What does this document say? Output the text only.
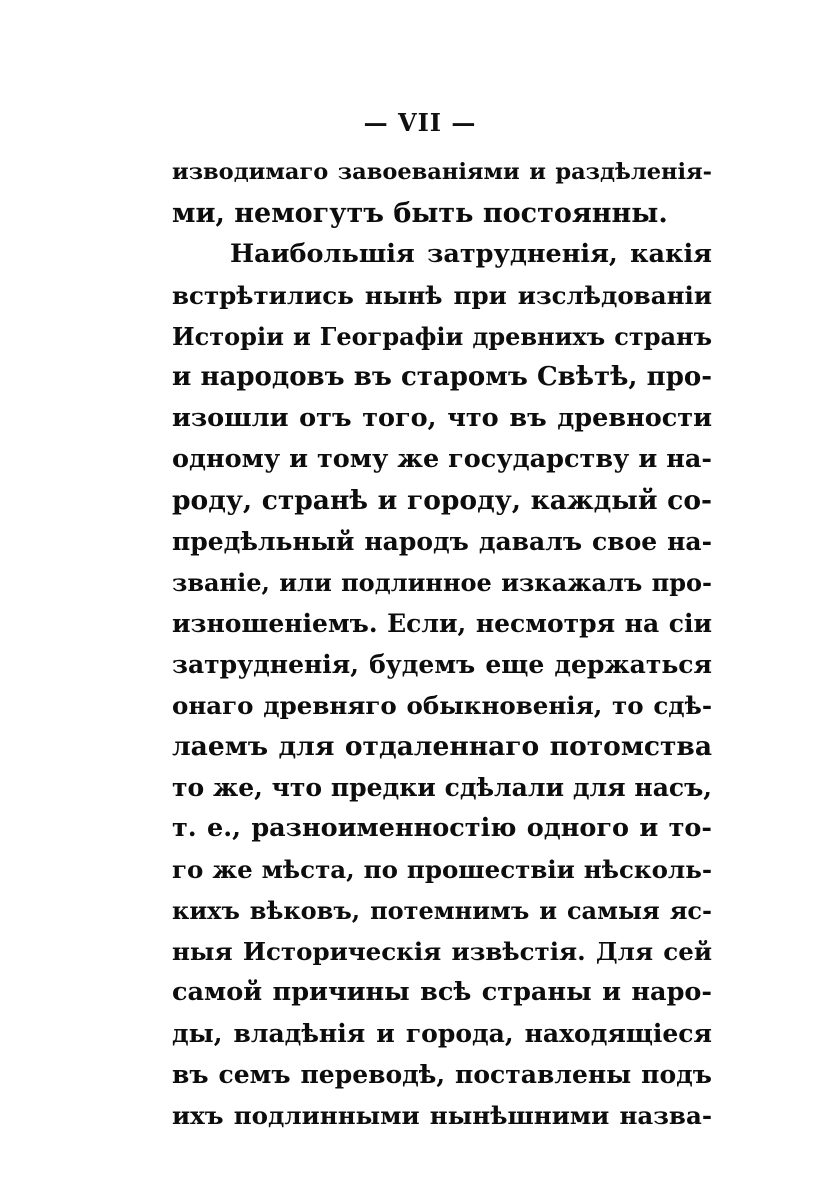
— VII —
изводимаго завоеваніями и раздѣленія-
ми, немогутъ быть постоянны.
Наибольшія затрудненія, какія
встрѣтились нынѣ при изслѣдованіи
Исторіи и Географіи древнихъ странъ
и народовъ въ старомъ Свѣтѣ, про-
изошли отъ того, что въ древности
одному и тому же государству и на-
роду, странѣ и городу, каждый со-
предѣльный народъ давалъ свое на-
званіе, или подлинное изкажалъ про-
изношеніемъ. Если, несмотря на сіи
затрудненія, будемъ еще держаться
онаго древняго обыкновенія, то сдѣ-
лаемъ для отдаленнаго потомства
то же, что предки сдѣлали для насъ,
т. е., разноименностію одного и то-
го же мѣста, по прошествіи нѣсколь-
кихъ вѣковъ, потемнимъ и самыя яс-
ныя Историческія извѣстія. Для сей
самой причины всѣ страны и наро-
ды, владѣнія и города, находящіеся
въ семъ переводѣ, поставлены подъ
ихъ подлинными нынѣшними назва-
